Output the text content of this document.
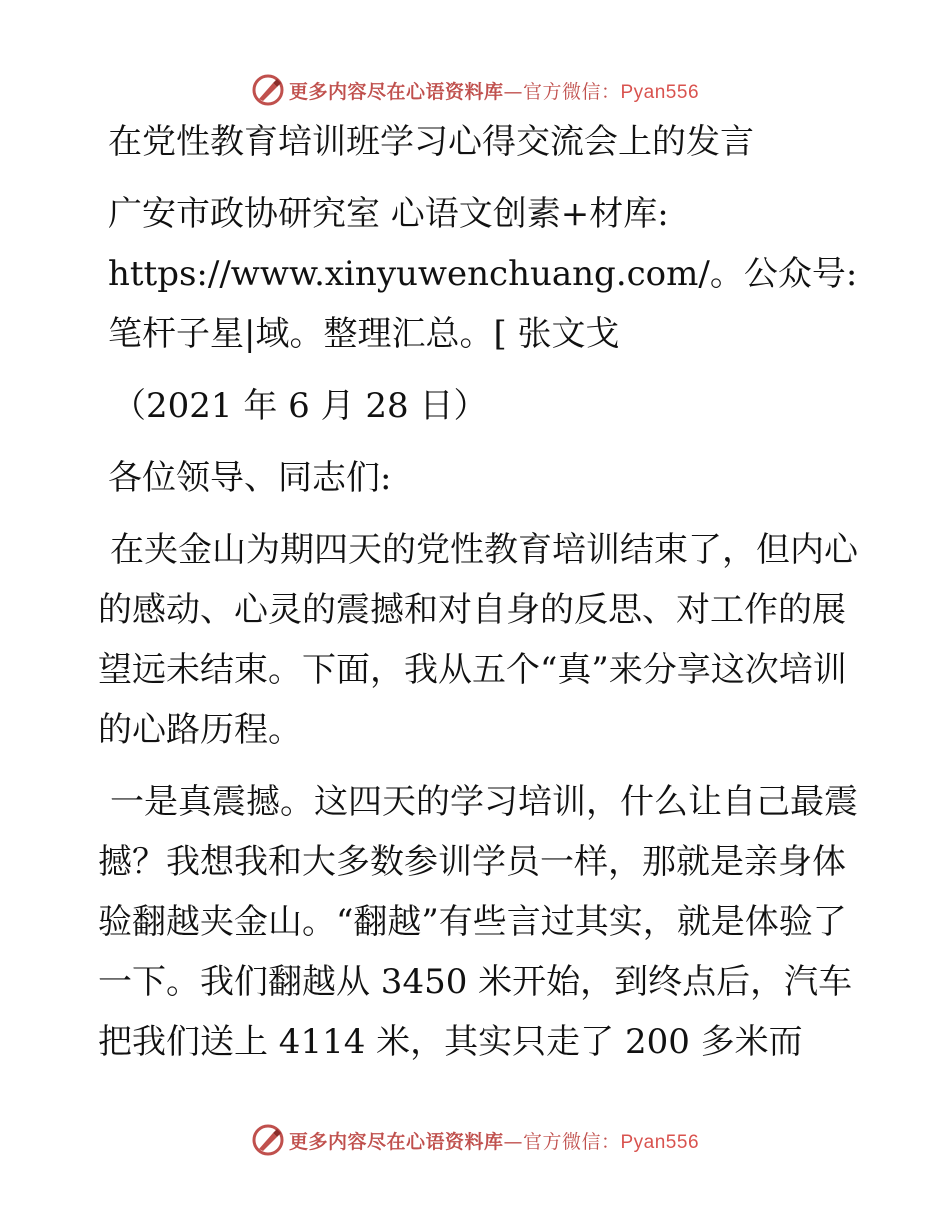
更多内容尽在心语资料库—官方微信：Pyan556

在党性教育培训班学习心得交流会上的发言

广安市政协研究室 心语文创素+材库: https://www.xinyuwenchuang.com/。公众号: 笔杆子星|域。整理汇总。[ 张文戈

（2021 年 6 月 28 日）

各位领导、同志们:

在夹金山为期四天的党性教育培训结束了，但内心的感动、心灵的震撼和对自身的反思、对工作的展望远未结束。下面，我从五个“真”来分享这次培训的心路历程。

一是真震撼。这四天的学习培训，什么让自己最震撼？我想我和大多数参训学员一样，那就是亲身体验翻越夹金山。“翻越”有些言过其实，就是体验了一下。我们翻越从 3450 米开始，到终点后，汽车把我们送上 4114 米，其实只走了 200 多米而

更多内容尽在心语资料库—官方微信：Pyan556
